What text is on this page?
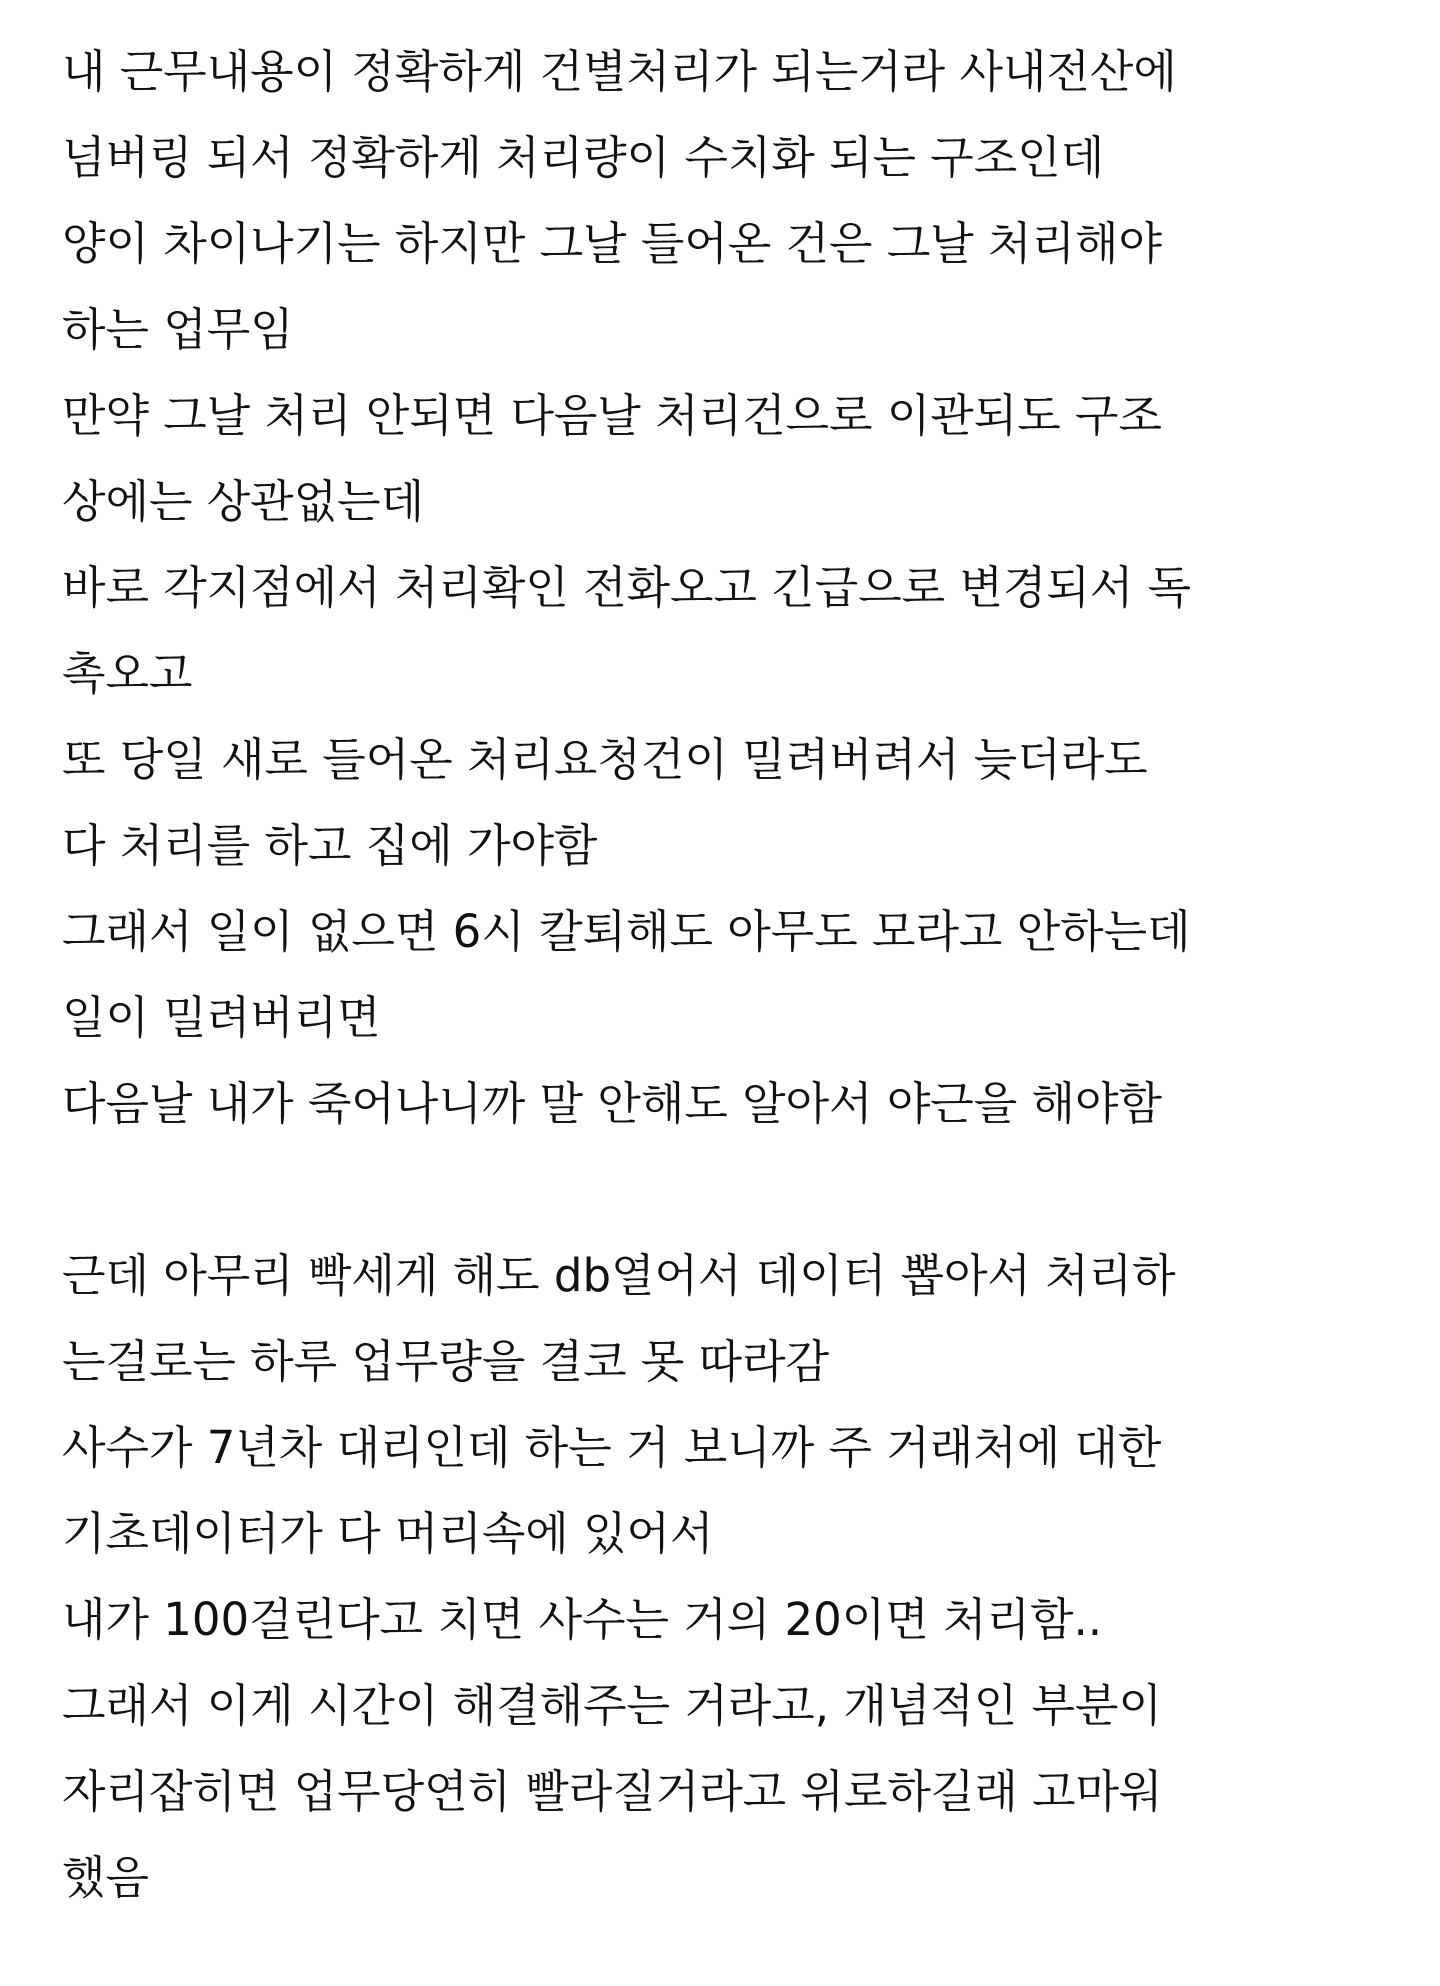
내 근무내용이 정확하게 건별처리가 되는거라 사내전산에

넘버링 되서 정확하게 처리량이 수치화 되는 구조인데

양이 차이나기는 하지만 그날 들어온 건은 그날 처리해야

하는 업무임

만약 그날 처리 안되면 다음날 처리건으로 이관되도 구조

상에는 상관없는데

바로 각지점에서 처리확인 전화오고 긴급으로 변경되서 독

촉오고

또 당일 새로 들어온 처리요청건이 밀려버려서 늦더라도

다 처리를 하고 집에 가야함

그래서 일이 없으면 6시 칼퇴해도 아무도 모라고 안하는데

일이 밀려버리면

다음날 내가 죽어나니까 말 안해도 알아서 야근을 해야함

근데 아무리 빡세게 해도 db열어서 데이터 뽑아서 처리하

는걸로는 하루 업무량을 결코 못 따라감

사수가 7년차 대리인데 하는 거 보니까 주 거래처에 대한

기초데이터가 다 머리속에 있어서

내가 100걸린다고 치면 사수는 거의 20이면 처리함..

그래서 이게 시간이 해결해주는 거라고, 개념적인 부분이

자리잡히면 업무당연히 빨라질거라고 위로하길래 고마워

했음
